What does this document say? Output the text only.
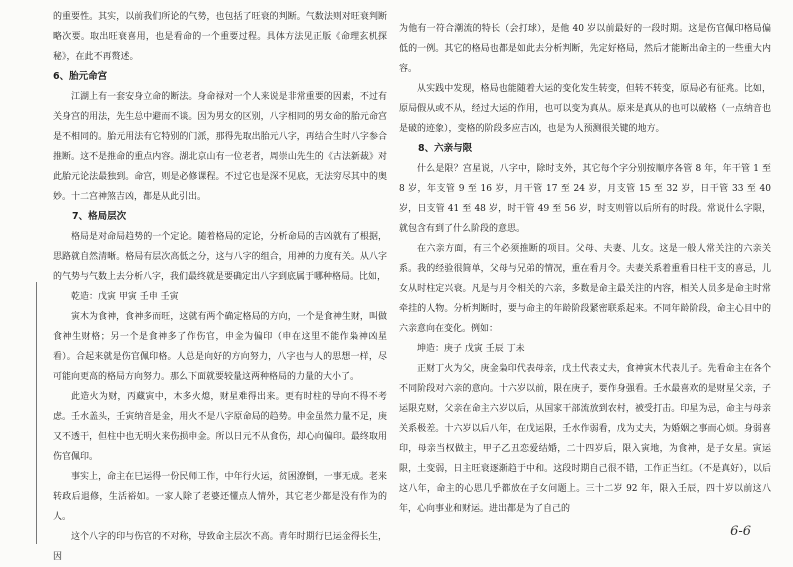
的重要性。其实，以前我们所论的气势，也包括了旺衰的判断。气数法则对旺衰判断略次要。取出旺衰喜用，也是看命的一个重要过程。具体方法见正版《命理玄机探秘》，在此不再赘述。

6、胎元命宫

江湖上有一套安身立命的断法。身命禄对一个人来说是非常重要的因素，不过有关身宫的用法，先生总中避而不谈。因为男女的区别，八字相同的男女命的胎元命宫是不相同的。胎元用法有它特别的门派，那得先取出胎元八字，再结合生时八字参合推断。这不是推命的重点内容。湖北京山有一位老者，周崇山先生的《古法新裁》对此胎元论法最独到。命宫，则是必修课程。不过它也是深不见底，无法穷尽其中的奥妙。十二宫神煞吉凶，都是从此引出。

7、格局层次

格局是对命局趋势的一个定论。随着格局的定论，分析命局的吉凶就有了根据，思路就自然清晰。格局有层次高低之分，这与八字的组合，用神的力度有关。从八字的气势与气数上去分析八字，我们最终就是要确定出八字到底属于哪种格局。比如，

乾造：戊寅 甲寅 壬申 壬寅

寅木为食神，食神多而旺，这就有两个确定格局的方向，一个是食神生财，叫做食神生财格；另一个是食神多了作伤官，申金为偏印（申在这里不能作枭神凶星看）。合起来就是伤官佩印格。人总是向好的方向努力，八字也与人的思想一样，尽可能向更高的格局方向努力。那么下面就要较量这两种格局的力量的大小了。

此造火为财，丙藏寅中，木多火熄，财星难得出来。更有时柱的导向不得不考虑。壬水盖头，壬寅纳音是金，用火不是八字原命局的趋势。申金虽然力量不足，庚又不透干，但柱中也无明火来伤损申金。所以日元不从食伤，却心向偏印。最终取用伤官佩印。

事实上，命主在巳运得一份民师工作，中年行火运，贫困潦倒，一事无成。老来转政后退修，生活裕如。一家人除了老婆还懂点人情外，其它老少都是没有作为的人。

这个八字的印与伤官的不对称，导致命主层次不高。青年时期行巳运金得长生，因

为他有一符合潮流的特长（会打球），是他 40 岁以前最好的一段时期。这是伤官佩印格局偏低的一例。其它的格局也都是如此去分析判断，先定好格局，然后才能断出命主的一些重大内容。

从实践中发现，格局也能随着大运的变化发生转变，但转不转变，原局必有征兆。比如，原局假从或不从，经过大运的作用，也可以变为真从。原来是真从的也可以破格（一点纳音也是破的迹象），变格的阶段多应吉凶，也是为人预测很关键的地方。

8、六亲与限

什么是限？宫星说，八字中，除时支外，其它每个字分别按顺序各管 8 年，年干管 1 至 8 岁，年支管 9 至 16 岁，月干管 17 至 24 岁，月支管 15 至 32 岁，日干管 33 至 40 岁，日支管 41 至 48 岁，时干管 49 至 56 岁，时支则管以后所有的时段。常说什么字限，就包含有到了什么阶段的意思。

在六亲方面，有三个必须推断的项目。父母、夫妻、儿女。这是一般人常关注的六亲关系。我的经验很简单，父母与兄弟的情况，重在看月令。夫妻关系着重看日柱干支的喜忌，儿女从时柱定兴衰。凡是与月令相关的六亲，多数是命主最关注的内容，相关人员多是命主时常牵挂的人物。分析判断时，要与命主的年龄阶段紧密联系起来。不同年龄阶段，命主心目中的六亲意向在变化。例如：

坤造：庚子 戊寅 壬辰 丁未

正财丁火为父，庚金枭印代表母亲，戊土代表丈夫，食神寅木代表儿子。先看命主在各个不同阶段对六亲的意向。十六岁以前，限在庚子，要作身强看。壬水最喜欢的是财星父亲，子运限克财，父亲在命主六岁以后，从国家干部流放到农村，被受打击。印星为忌，命主与母亲关系极差。十六岁以后八年，在戊运限，壬水作弱看，戊为丈夫，为婚姻之事而心烦。身弱喜印，母亲当权做主，甲子乙丑恋爱结婚，二十四岁后，限入寅地，为食神，是子女星。寅运限，土变弱，日主旺衰逐渐趋于中和。这段时期自己很不错，工作正当红。（不是真好），以后这八年，命主的心思几乎都放在子女问题上。三十二岁 92 年，限入壬辰，四十岁以前这八年，心向事业和财运。进出都是为了自己的

6-6
